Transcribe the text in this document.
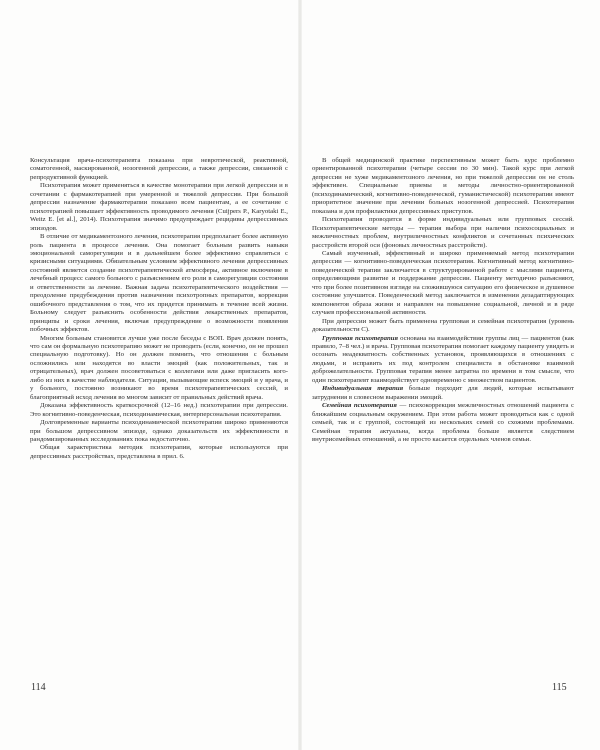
Консультация врача-психотерапевта показана при невротической, реактивной, соматогенной, маскированной, нозогенной депрессии, а также депрессии, связанной с репродуктивной функцией.

Психотерапия может применяться в качестве монотерапии при легкой депрессии и в сочетании с фармакотерапией при умеренной и тяжелой депрессии. При большой депрессии назначение фармакотерапии показано всем пациентам, а ее сочетание с психотерапией повышает эффективность проводимого лечения (Cuijpers P., Karyotaki E., Weitz E. [et al.], 2014). Психотерапия значимо предупреждает рецидивы депрессивных эпизодов.

В отличие от медикаментозного лечения, психотерапия предполагает более активную роль пациента в процессе лечения. Она помогает больным развить навыки эмоциональной саморегуляции и в дальнейшем более эффективно справляться с кризисными ситуациями. Обязательным условием эффективного лечения депрессивных состояний является создание психотерапевтической атмосферы, активное включение в лечебный процесс самого больного с разъяснением его роли в саморегуляции состояния и ответственности за лечение. Важная задача психотерапевтического воздействия — преодоление предубеждения против назначения психотропных препаратов, коррекция ошибочного представления о том, что их придется принимать в течение всей жизни. Больному следует разъяснить особенности действия лекарственных препаратов, принципы и сроки лечения, включая предупреждение о возможности появления побочных эффектов.

Многим больным становится лучше уже после беседы с ВОП. Врач должен понять, что сам он формальную психотерапию может не проводить (если, конечно, он не прошел специальную подготовку). Но он должен помнить, что отношения с больным осложнились или находятся во власти эмоций (как положительных, так и отрицательных), врач должен посоветоваться с коллегами или даже пригласить кого-либо из них в качестве наблюдателя. Ситуации, вызывающие вспеск эмоций и у врача, и у больного, постоянно возникают во время психотерапевтических сессий, и благоприятный исход лечения во многом зависит от правильных действий врача.

Доказана эффективность краткосрочной (12–16 нед.) психотерапии при депрессии. Это когнитивно-поведенческая, психодинамическая, интерперсональная психотерапия.

Долговременные варианты психодинамической психотерапии широко применяются при большом депрессивном эпизоде, однако доказательств их эффективности в рандомизированных исследованиях пока недостаточно.

Общая характеристика методик психотерапии, которые используются при депрессивных расстройствах, представлена в прил. 6.

В общей медицинской практике перспективным может быть курс проблемно ориентированной психотерапии (четыре сессии по 30 мин). Такой курс при легкой депрессии не хуже медикаментозного лечения, но при тяжелой депрессии он не столь эффективен. Специальные приемы и методы личностно-ориентированной (психодинамический, когнитивно-поведенческой, гуманистической) психотерапии имеют приоритетное значение при лечении больных нозогенной депрессией. Психотерапия показана и для профилактики депрессивных приступов.

Психотерапия проводится в форме индивидуальных или групповых сессий. Психотерапевтические методы — терапия выбора при наличии психосоциальных и межличностных проблем, внутриличностных конфликтов и сочетанных психических расстройств второй оси (фоновых личностных расстройств).

Самый изученный, эффективный и широко применяемый метод психотерапии депрессии — когнитивно-поведенческая психотерапия. Когнитивный метод когнитивно-поведенческой терапии заключается в структурированной работе с мыслями пациента, определяющими развитие и поддержание депрессии. Пациенту методично разъясняют, что при более позитивном взгляде на сложившуюся ситуацию его физическое и душевное состояние улучшится. Поведенческий метод заключается в изменении дезадаптирующих компонентов образа жизни и направлен на повышение социальной, личной и в ряде случаев профессиональной активности.

При депрессии может быть применена групповая и семейная психотерапия (уровень доказательности С).

Групповая психотерапия основана на взаимодействии группы лиц — пациентов (как правило, 7–8 чел.) и врача. Групповая психотерапия помогает каждому пациенту увидеть и осознать неадекватность собственных установок, проявляющихся в отношениях с людьми, и исправить их под контролем специалиста в обстановке взаимной доброжелательности. Групповая терапия менее затратна по времени в том смысле, что один психотерапевт взаимодействует одновременно с множеством пациентов.

Индивидуальная терапия больше подходит для людей, которые испытывают затруднения в словесном выражении эмоций.

Семейная психотерапия — психокоррекция межличностных отношений пациента с ближайшим социальным окружением. При этом работа может проводиться как с одной семьей, так и с группой, состоящей из нескольких семей со схожими проблемами. Семейная терапия актуальна, когда проблема больше является следствием внутрисемейных отношений, а не просто касается отдельных членов семьи.

114	115
